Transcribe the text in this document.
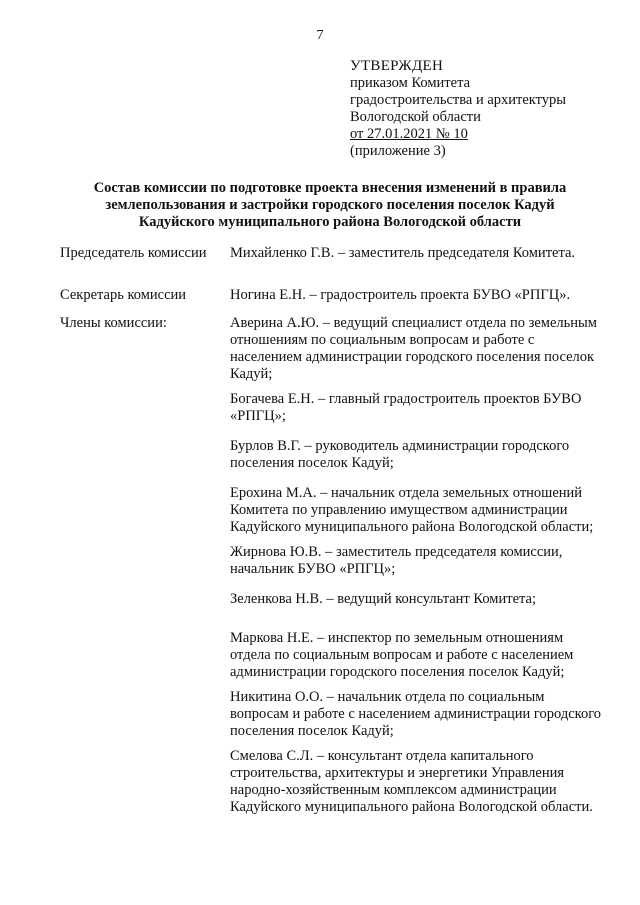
7
УТВЕРЖДЕН
приказом Комитета
градостроительства и архитектуры
Вологодской области
от 27.01.2021 № 10
(приложение 3)
Состав комиссии по подготовке проекта внесения изменений в правила
землепользования и застройки городского поселения поселок Кадуй
Кадуйского муниципального района Вологодской области
Председатель комиссии	Михайленко Г.В. – заместитель председателя Комитета.
Секретарь комиссии	Ногина Е.Н. – градостроитель проекта БУВО «РПГЦ».
Члены комиссии:	Аверина А.Ю. – ведущий специалист отдела по земельным отношениям по социальным вопросам и работе с населением администрации городского поселения поселок Кадуй;

Богачева Е.Н. – главный градостроитель проектов БУВО «РПГЦ»;

Бурлов В.Г. – руководитель администрации городского поселения поселок Кадуй;

Ерохина М.А. – начальник отдела земельных отношений Комитета по управлению имуществом администрации Кадуйского муниципального района Вологодской области;

Жирнова Ю.В. – заместитель председателя комиссии, начальник БУВО «РПГЦ»;

Зеленкова Н.В. – ведущий консультант Комитета;

Маркова Н.Е. – инспектор по земельным отношениям отдела по социальным вопросам и работе с населением администрации городского поселения поселок Кадуй;

Никитина О.О. – начальник отдела по социальным вопросам и работе с населением администрации городского поселения поселок Кадуй;

Смелова С.Л. – консультант отдела капитального строительства, архитектуры и энергетики Управления народно-хозяйственным комплексом администрации Кадуйского муниципального района Вологодской области.
